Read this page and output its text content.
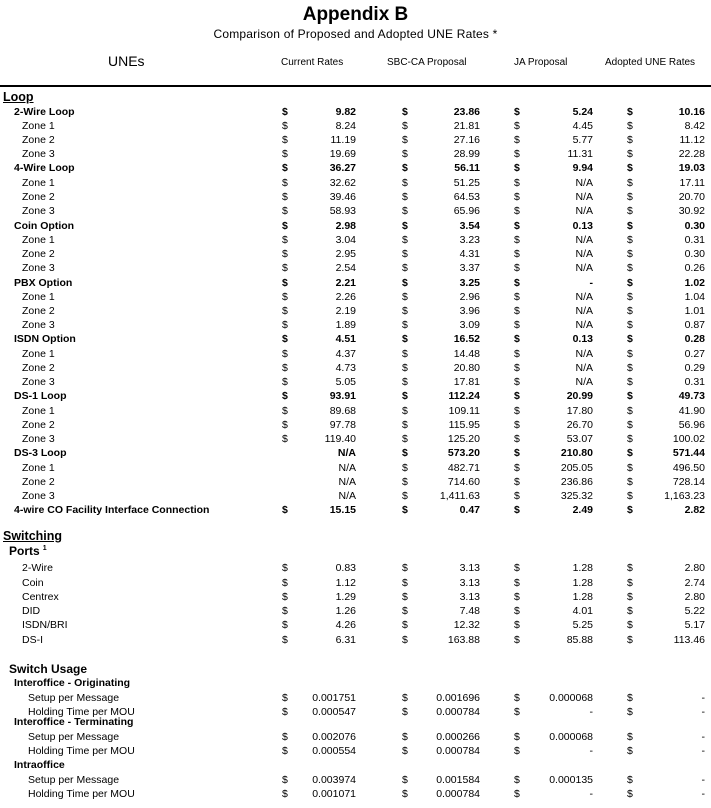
Appendix B
Comparison of Proposed and Adopted UNE Rates *
UNEs	Current Rates	SBC-CA Proposal	JA Proposal	Adopted UNE Rates
Loop
2-Wire Loop	$	9.82	$	23.86	$	5.24	$	10.16
Zone 1	$	8.24	$	21.81	$	4.45	$	8.42
Zone 2	$	11.19	$	27.16	$	5.77	$	11.12
Zone 3	$	19.69	$	28.99	$	11.31	$	22.28
4-Wire Loop	$	36.27	$	56.11	$	9.94	$	19.03
Zone 1	$	32.62	$	51.25	$	N/A	$	17.11
Zone 2	$	39.46	$	64.53	$	N/A	$	20.70
Zone 3	$	58.93	$	65.96	$	N/A	$	30.92
Coin Option	$	2.98	$	3.54	$	0.13	$	0.30
Zone 1	$	3.04	$	3.23	$	N/A	$	0.31
Zone 2	$	2.95	$	4.31	$	N/A	$	0.30
Zone 3	$	2.54	$	3.37	$	N/A	$	0.26
PBX Option	$	2.21	$	3.25	$	-	$	1.02
Zone 1	$	2.26	$	2.96	$	N/A	$	1.04
Zone 2	$	2.19	$	3.96	$	N/A	$	1.01
Zone 3	$	1.89	$	3.09	$	N/A	$	0.87
ISDN Option	$	4.51	$	16.52	$	0.13	$	0.28
Zone 1	$	4.37	$	14.48	$	N/A	$	0.27
Zone 2	$	4.73	$	20.80	$	N/A	$	0.29
Zone 3	$	5.05	$	17.81	$	N/A	$	0.31
DS-1 Loop	$	93.91	$	112.24	$	20.99	$	49.73
Zone 1	$	89.68	$	109.11	$	17.80	$	41.90
Zone 2	$	97.78	$	115.95	$	26.70	$	56.96
Zone 3	$	119.40	$	125.20	$	53.07	$	100.02
DS-3 Loop	N/A	$	573.20	$	210.80	$	571.44
Zone 1	N/A	$	482.71	$	205.05	$	496.50
Zone 2	N/A	$	714.60	$	236.86	$	728.14
Zone 3	N/A	$	1,411.63	$	325.32	$	1,163.23
4-wire CO Facility Interface Connection	$	15.15	$	0.47	$	2.49	$	2.82
Switching
Ports $^1$
2-Wire	$	0.83	$	3.13	$	1.28	$	2.80
Coin	$	1.12	$	3.13	$	1.28	$	2.74
Centrex	$	1.29	$	3.13	$	1.28	$	2.80
DID	$	1.26	$	7.48	$	4.01	$	5.22
ISDN/BRI	$	4.26	$	12.32	$	5.25	$	5.17
DS-I	$	6.31	$	163.88	$	85.88	$	113.46
Switch Usage
Interoffice - Originating
Setup per Message	$ 0.001751	$	0.001696	$	0.000068	$	-
Holding Time per MOU	$ 0.000547	$	0.000784	$	-	$	-
Interoffice - Terminating
Setup per Message	$ 0.002076	$	0.000266	$	0.000068	$	-
Holding Time per MOU	$ 0.000554	$	0.000784	$	-	$	-
Intraoffice
Setup per Message	$ 0.003974	$	0.001584	$	0.000135	$	-
Holding Time per MOU	$ 0.001071	$	0.000784	$	-	$	-
